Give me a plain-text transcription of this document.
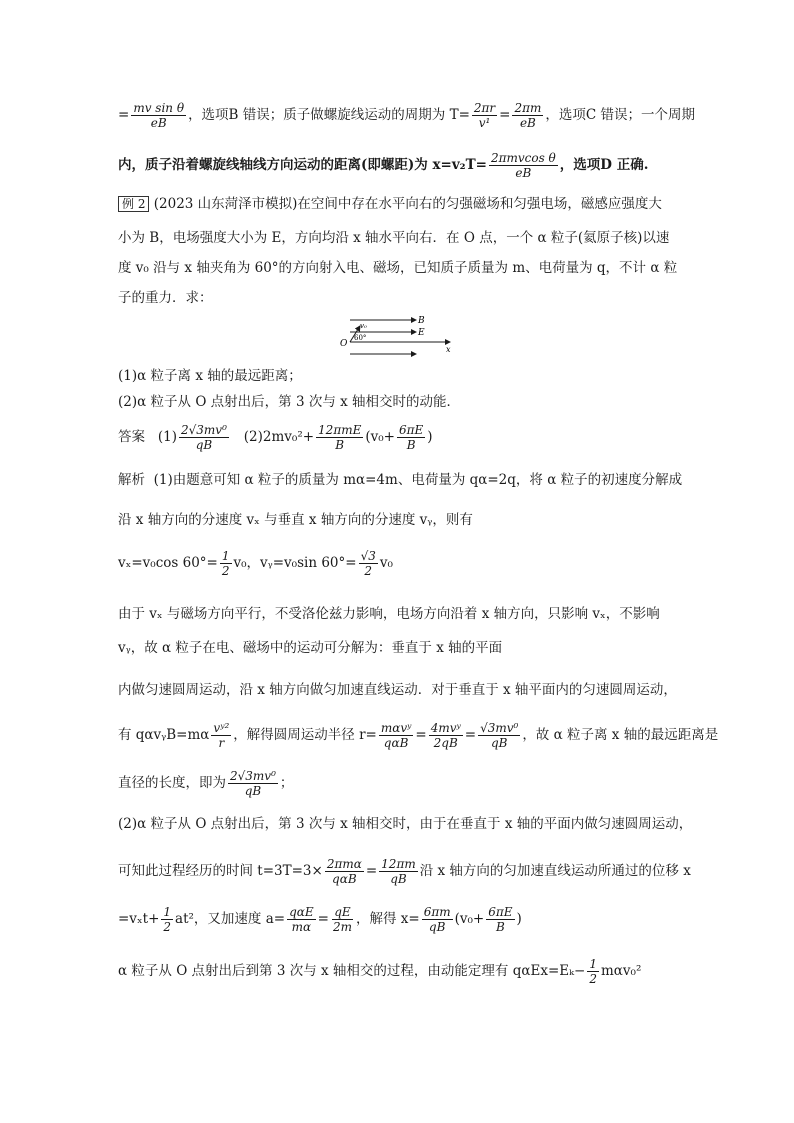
= $\frac{\text{mv sin θ}}{eB}$ ，选项B 错误；质子做螺旋线运动的周期为 $T= \frac{2\pi r}{\text{v¹}} = \frac{2\pi m}{eB}$ ，选项C 错误；一个周期
内，质子沿着螺旋线轴线方向运动的距离(即螺距)为 $x=v_2T= \frac{\text{2πmvcos θ}}{eB}$ ，选项D 正确.
例 2 (2023 山东菏泽市模拟)在空间中存在水平向右的匀强磁场和匀强电场，磁感应强度大
小为 B，电场强度大小为 E，方向均沿 x 轴水平向右．在 O 点，一个 α 粒子(氦原子核)以速
度 v₀ 沿与 x 轴夹角为 60°的方向射入电、磁场，已知质子质量为 m、电荷量为 q，不计 α 粒
子的重力．求：
B
E
O
x
v₀
60°
(1)α 粒子离 x 轴的最远距离；
(2)α 粒子从 O 点射出后，第 3 次与 x 轴相交时的动能．
答案 $(1) \frac{\text{2√3mv⁰}}{qB} (2)2mv_0^2+ \frac{\text{12πmE}}{B} (v_0+ \frac{6\pi E}{B}$ )
解析 (1)由题意可知 α 粒子的质量为 mα=4m、电荷量为 qα=2q，将 α 粒子的初速度分解成
沿 x 轴方向的分速度 vₓ 与垂直 x 轴方向的分速度 vᵧ，则有
vₓ=v₀cos $60^\circ= \frac{1}{2} v_0$，vᵧ=v₀sin $60^\circ= \frac{√3}{2} v_0$
由于 vₓ 与磁场方向平行，不受洛伦兹力影响，电场方向沿着 x 轴方向，只影响 vₓ，不影响
vᵧ，故 α 粒子在电、磁场中的运动可分解为：垂直于 x 轴的平面
内做匀速圆周运动，沿 x 轴方向做匀加速直线运动．对于垂直于 x 轴平面内的匀速圆周运动，
有 qαvᵧB=mα $\frac{\text{vʸ²}}{r}$ ，解得圆周运动半径 $r= \frac{\text{mαvʸ}}{\text{qαB}} = \frac{\text{4mvʸ}}{2qB} = \frac{\text{√3mv⁰}}{qB}$ ，故 α 粒子离 x 轴的最远距离是
直径的长度，即为 $\frac{\text{2√3mv⁰}}{qB}$ ；
(2)α 粒子从 O 点射出后，第 3 次与 x 轴相交时，由于在垂直于 x 轴的平面内做匀速圆周运动，
可知此过程经历的时间 $t=3T=3\times \frac{\text{2πmα}}{\text{qαB}} = \frac{12\pi m}{qB}$ 沿 x 轴方向的匀加速直线运动所通过的位移 x
$=v_xt+ \frac{1}{2} at^2$，又加速度 $a= \frac{\text{qαE}}{m\alpha} = \frac{qE}{2m}$ ，解得 $x= \frac{6\pi m}{qB} (v_0+ \frac{6\pi E}{B}$ )
α 粒子从 O 点射出后到第 3 次与 x 轴相交的过程，由动能定理有 $q\alpha Ex=E_k- \frac{1}{2} m\alpha v_0^2$
